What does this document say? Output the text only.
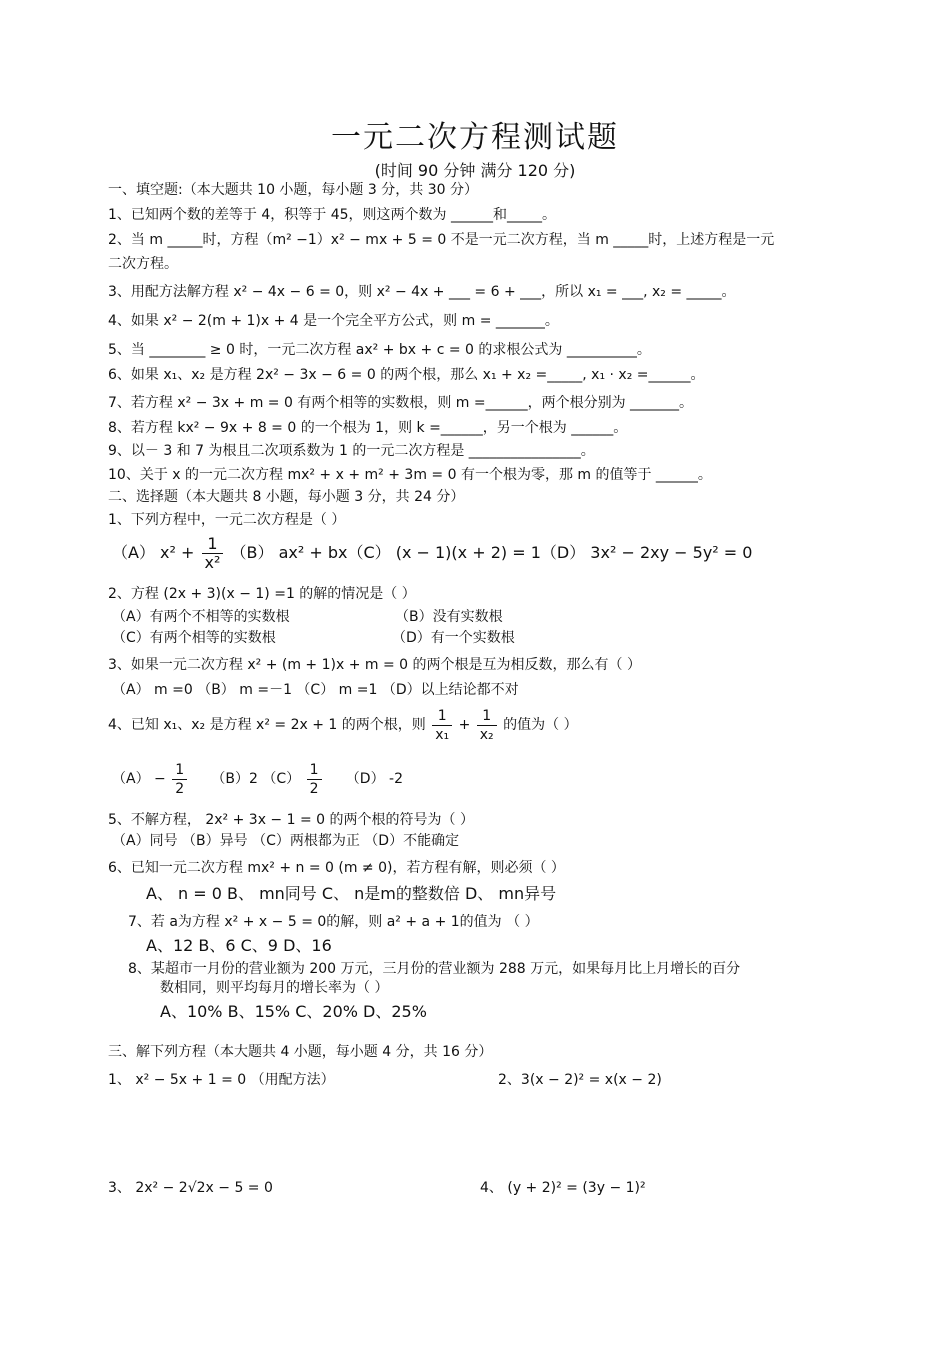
一元二次方程测试题
(时间 90 分钟 满分 120 分)
一、填空题:（本大题共 10 小题，每小题 3 分，共 30 分）
1、已知两个数的差等于 4，积等于 45，则这两个数为 ______和_____。
2、当 m _____时，方程（m² −1）x² − mx + 5 = 0 不是一元二次方程，当 m _____时，上述方程是一元
二次方程。
3、用配方法解方程 x² − 4x − 6 = 0，则 x² − 4x + ___ = 6 + ___，所以 x₁ = ___, x₂ = _____。
4、如果 x² − 2(m + 1)x + 4 是一个完全平方公式，则 m = _______。
5、当 ________ ≥ 0 时，一元二次方程 ax² + bx + c = 0 的求根公式为 __________。
6、如果 x₁、x₂ 是方程 2x² − 3x − 6 = 0 的两个根，那么 x₁ + x₂ =_____, x₁ · x₂ =______。
7、若方程 x² − 3x + m = 0 有两个相等的实数根，则 m =______，两个根分别为 _______。
8、若方程 kx² − 9x + 8 = 0 的一个根为 1，则 k =______，另一个根为 ______。
9、以－ 3 和 7 为根且二次项系数为 1 的一元二次方程是 ________________。
10、关于 x 的一元二次方程 mx² + x + m² + 3m = 0 有一个根为零，那 m 的值等于 ______。
二、选择题（本大题共 8 小题，每小题 3 分，共 24 分）
1、下列方程中，一元二次方程是（ ）
（A） $x^2 + \frac{1}{\text{x²}} (B) ax^2 + bx(C) (x - 1)(x + 2) = 1(D) 3x^2 - 2xy - 5y^2 = 0$
2、方程 (2x + 3)(x − 1) =1 的解的情况是（ ）
（A）有两个不相等的实数根	（B）没有实数根
（C）有两个相等的实数根	（D）有一个实数根
3、如果一元二次方程 x² + (m + 1)x + m = 0 的两个根是互为相反数，那么有（ ）
（A） m =0 （B） m =－1 （C） m =1 （D）以上结论都不对
4、已知 x₁、x₂ 是方程 x² = 2x + 1 的两个根，则 $\frac{1}{\text{x₁}} + \frac{1}{\text{x₂}}$ 的值为（ ）
$(A) - \frac{1}{2} (B)2$ $(C) \frac{1}{2} (D)$ -2
5、不解方程， 2x² + 3x − 1 = 0 的两个根的符号为（ ）
（A）同号 （B）异号 （C）两根都为正 （D）不能确定
6、已知一元二次方程 mx² + n = 0 (m ≠ 0)，若方程有解，则必须（ ）
A、 n = 0 B、 mn同号 C、 n是m的整数倍 D、 mn异号
7、若 a为方程 x² + x − 5 = 0的解，则 a² + a + 1的值为 （ ）
A、12 B、6 C、9 D、16
8、某超市一月份的营业额为 200 万元，三月份的营业额为 288 万元，如果每月比上月增长的百分
数相同，则平均每月的增长率为（ ）
A、10% B、15% C、20% D、25%
三、解下列方程（本大题共 4 小题，每小题 4 分，共 16 分）
1、 x² − 5x + 1 = 0 （用配方法）	2、3(x − 2)² = x(x − 2)
3、 2x² − 2√2x − 5 = 0	4、 (y + 2)² = (3y − 1)²
